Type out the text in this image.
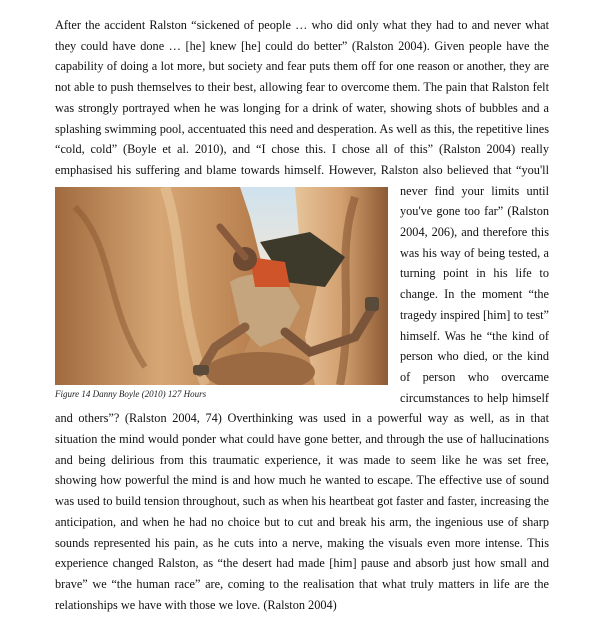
After the accident Ralston “sickened of people … who did only what they had to and never what they could have done … [he] knew [he] could do better” (Ralston 2004). Given people have the capability of doing a lot more, but society and fear puts them off for one reason or another, they are not able to push themselves to their best, allowing fear to overcome them. The pain that Ralston felt was strongly portrayed when he was longing for a drink of water, showing shots of bubbles and a splashing swimming pool, accentuated this need and desperation. As well as this, the repetitive lines “cold, cold” (Boyle et al. 2010), and “I chose this. I chose all of this” (Ralston 2004) really emphasised his suffering and blame towards himself. However, Ralston also believed that “you'll never find your
Figure 14 Danny Boyle (2010) 127 Hours
limits until you've gone too far” (Ralston 2004, 206), and therefore this was his way of being tested, a turning point in his life to change. In the moment “the tragedy inspired [him] to test” himself. Was he “the kind of person who died, or the kind of person who overcame circumstances to help himself and others”? (Ralston 2004, 74) Overthinking was used in a powerful way as well, as in that situation the mind would ponder what could have gone better, and through the use of hallucinations and being delirious from this traumatic experience, it was made to seem like he was set free, showing how powerful the mind is and how much he wanted to escape. The effective use of sound was used to build tension throughout, such as when his heartbeat got faster and faster, increasing the anticipation, and when he had no choice but to cut and break his arm, the ingenious use of sharp sounds represented his pain, as he cuts into a nerve, making the visuals even more intense. This experience changed Ralston, as “the desert had made [him] pause and absorb just how small and brave” we “the human race” are, coming to the realisation that what truly matters in life are the relationships we have with those we love. (Ralston 2004)
